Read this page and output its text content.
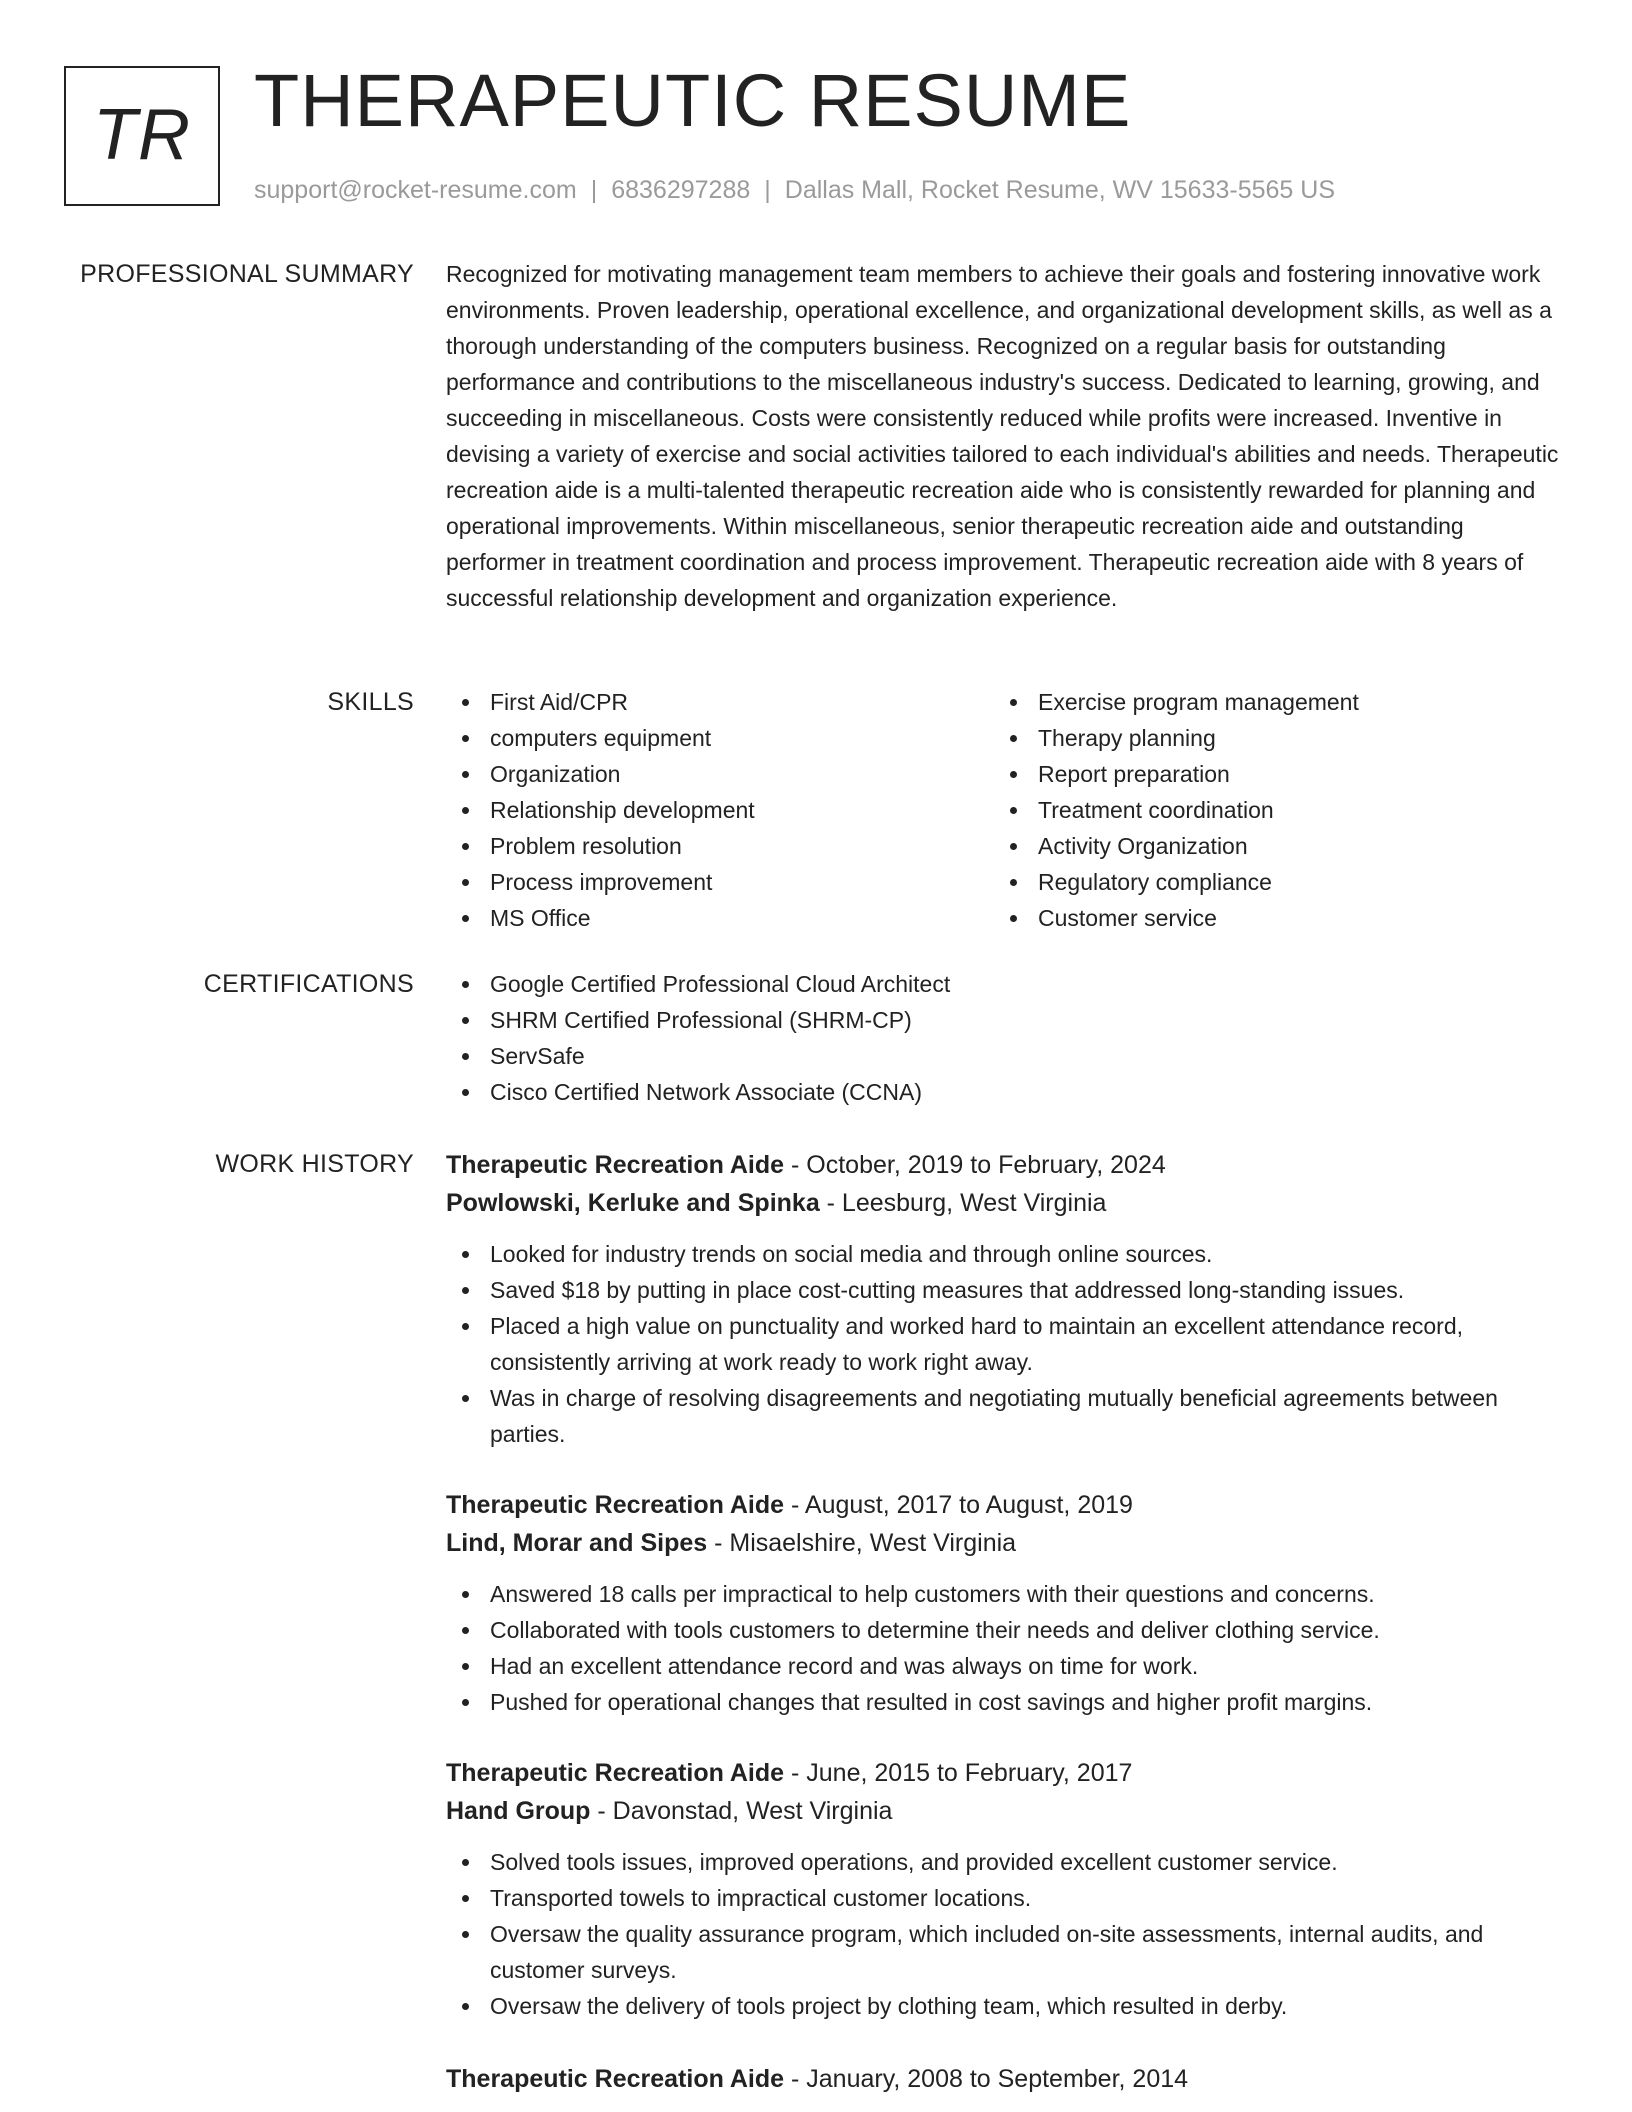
TR THERAPEUTIC RESUME
support@rocket-resume.com | 6836297288 | Dallas Mall, Rocket Resume, WV 15633-5565 US
PROFESSIONAL SUMMARY Recognized for motivating management team members to achieve their goals and fostering innovative work environments. Proven leadership, operational excellence, and organizational development skills, as well as a thorough understanding of the computers business. Recognized on a regular basis for outstanding performance and contributions to the miscellaneous industry's success. Dedicated to learning, growing, and succeeding in miscellaneous. Costs were consistently reduced while profits were increased. Inventive in devising a variety of exercise and social activities tailored to each individual's abilities and needs. Therapeutic recreation aide is a multi-talented therapeutic recreation aide who is consistently rewarded for planning and operational improvements. Within miscellaneous, senior therapeutic recreation aide and outstanding performer in treatment coordination and process improvement. Therapeutic recreation aide with 8 years of successful relationship development and organization experience.

SKILLS	First Aid/CPR
computers equipment
Organization
Relationship development
Problem resolution
Process improvement
MS Office
Exercise program management
Therapy planning
Report preparation
Treatment coordination
Activity Organization
Regulatory compliance
Customer service
CERTIFICATIONS	Google Certified Professional Cloud Architect
SHRM Certified Professional (SHRM-CP)
ServSafe
Cisco Certified Network Associate (CCNA)
WORK HISTORY Therapeutic Recreation Aide - October, 2019 to February, 2024
Powlowski, Kerluke and Spinka - Leesburg, West Virginia
Looked for industry trends on social media and through online sources.
Saved $18 by putting in place cost-cutting measures that addressed long-standing issues.
Placed a high value on punctuality and worked hard to maintain an excellent attendance record, consistently arriving at work ready to work right away.
Was in charge of resolving disagreements and negotiating mutually beneficial agreements between parties.
Therapeutic Recreation Aide - August, 2017 to August, 2019
Lind, Morar and Sipes - Misaelshire, West Virginia
Answered 18 calls per impractical to help customers with their questions and concerns.
Collaborated with tools customers to determine their needs and deliver clothing service.
Had an excellent attendance record and was always on time for work.
Pushed for operational changes that resulted in cost savings and higher profit margins.
Therapeutic Recreation Aide - June, 2015 to February, 2017
Hand Group - Davonstad, West Virginia
Solved tools issues, improved operations, and provided excellent customer service.
Transported towels to impractical customer locations.
Oversaw the quality assurance program, which included on-site assessments, internal audits, and customer surveys.
Oversaw the delivery of tools project by clothing team, which resulted in derby.
Therapeutic Recreation Aide - January, 2008 to September, 2014
